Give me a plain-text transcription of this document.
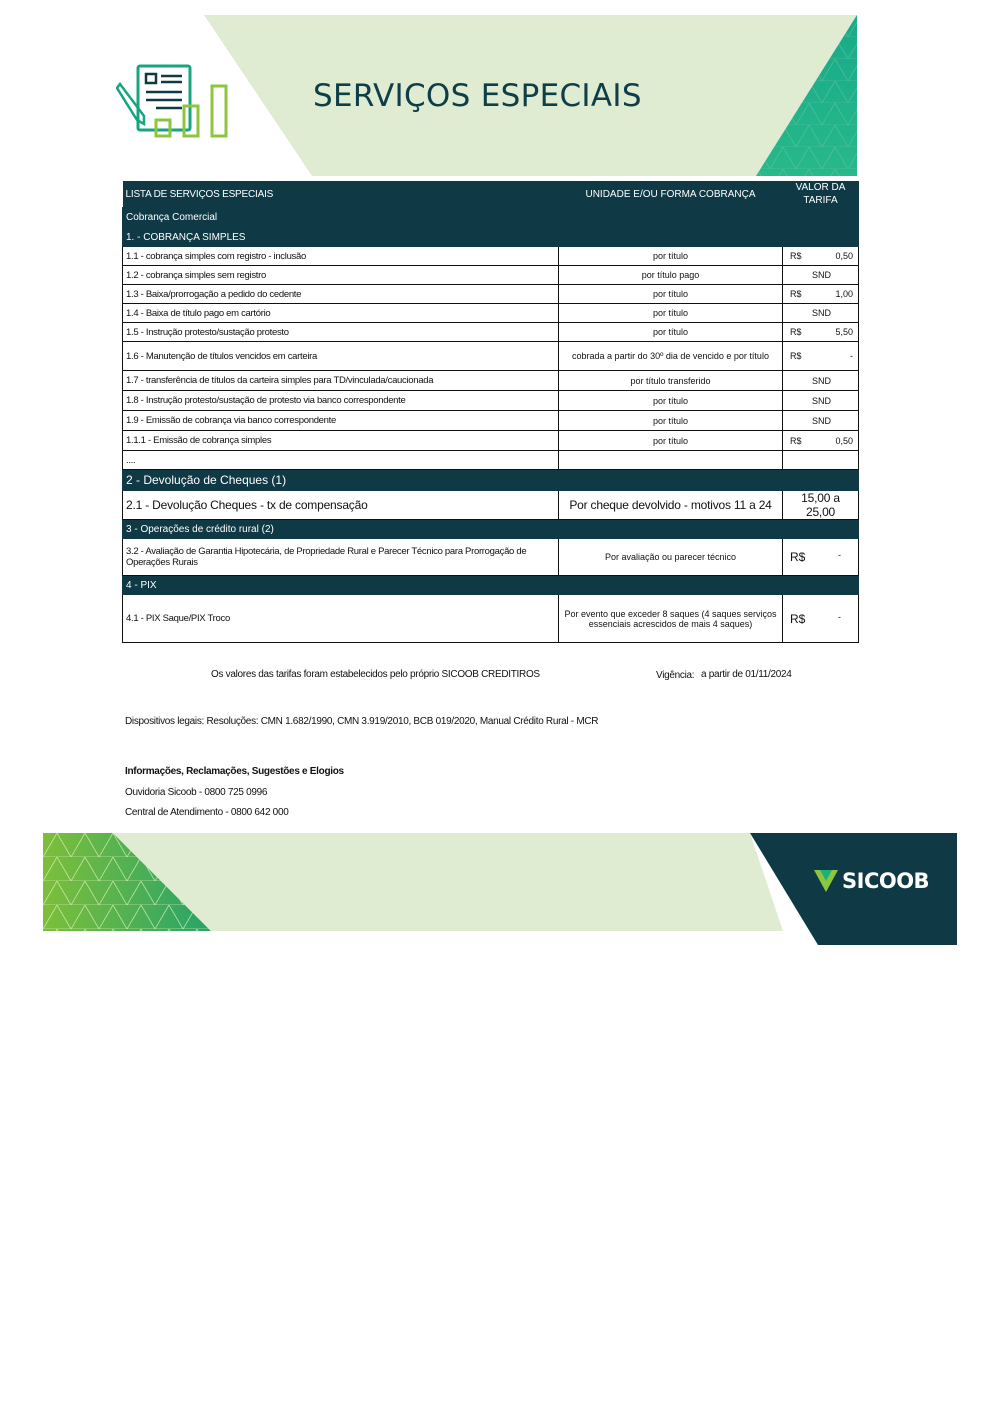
SERVIÇOS ESPECIAIS
LISTA DE SERVIÇOS ESPECIAIS	UNIDADE E/OU FORMA COBRANÇA	VALOR DA
TARIFA

Cobrança Comercial		
1. - COBRANÇA SIMPLES		
1.1 - cobrança simples com registro - inclusão	por título	R$ 0,50

1.2 - cobrança simples sem registro	por título pago	SND

1.3 - Baixa/prorrogação a pedido do cedente	por título	R$ 1,00

1.4 - Baixa de título pago em cartório	por título	SND

1.5 - Instrução protesto/sustação protesto	por título	R$ 5,50

1.6 - Manutenção de títulos vencidos em carteira	cobrada a partir do 30º dia de vencido e por título	R$ -

1.7 - transferência de títulos da carteira simples para TD/vinculada/caucionada	por título transferido	SND

1.8 - Instrução protesto/sustação de protesto via banco correspondente	por título	SND

1.9 - Emissão de cobrança via banco correspondente	por título	SND

1.1.1 - Emissão de cobrança simples	por título	R$ 0,50

....		

2 - Devolução de Cheques (1)		
2.1 - Devolução Cheques - tx de compensação	Por cheque devolvido - motivos 11 a 24	15,00 a 25,00
3 - Operações de crédito rural (2)		
3.2 - Avaliação de Garantia Hipotecária, de Propriedade Rural e Parecer Técnico para Prorrogação de Operações Rurais	Por avaliação ou parecer técnico	R$ -

4 - PIX		
4.1 - PIX Saque/PIX Troco	Por evento que exceder 8 saques (4 saques serviços essenciais acrescidos de mais 4 saques)	R$ -
Os valores das tarifas foram estabelecidos pelo próprio SICOOB CREDITIROS	Vigência: a partir de 01/11/2024
Dispositivos legais: Resoluções: CMN 1.682/1990, CMN 3.919/2010, BCB 019/2020, Manual Crédito Rural - MCR
Informações, Reclamações, Sugestões e Elogios
Ouvidoria Sicoob - 0800 725 0996
Central de Atendimento - 0800 642 000
SICOOB
